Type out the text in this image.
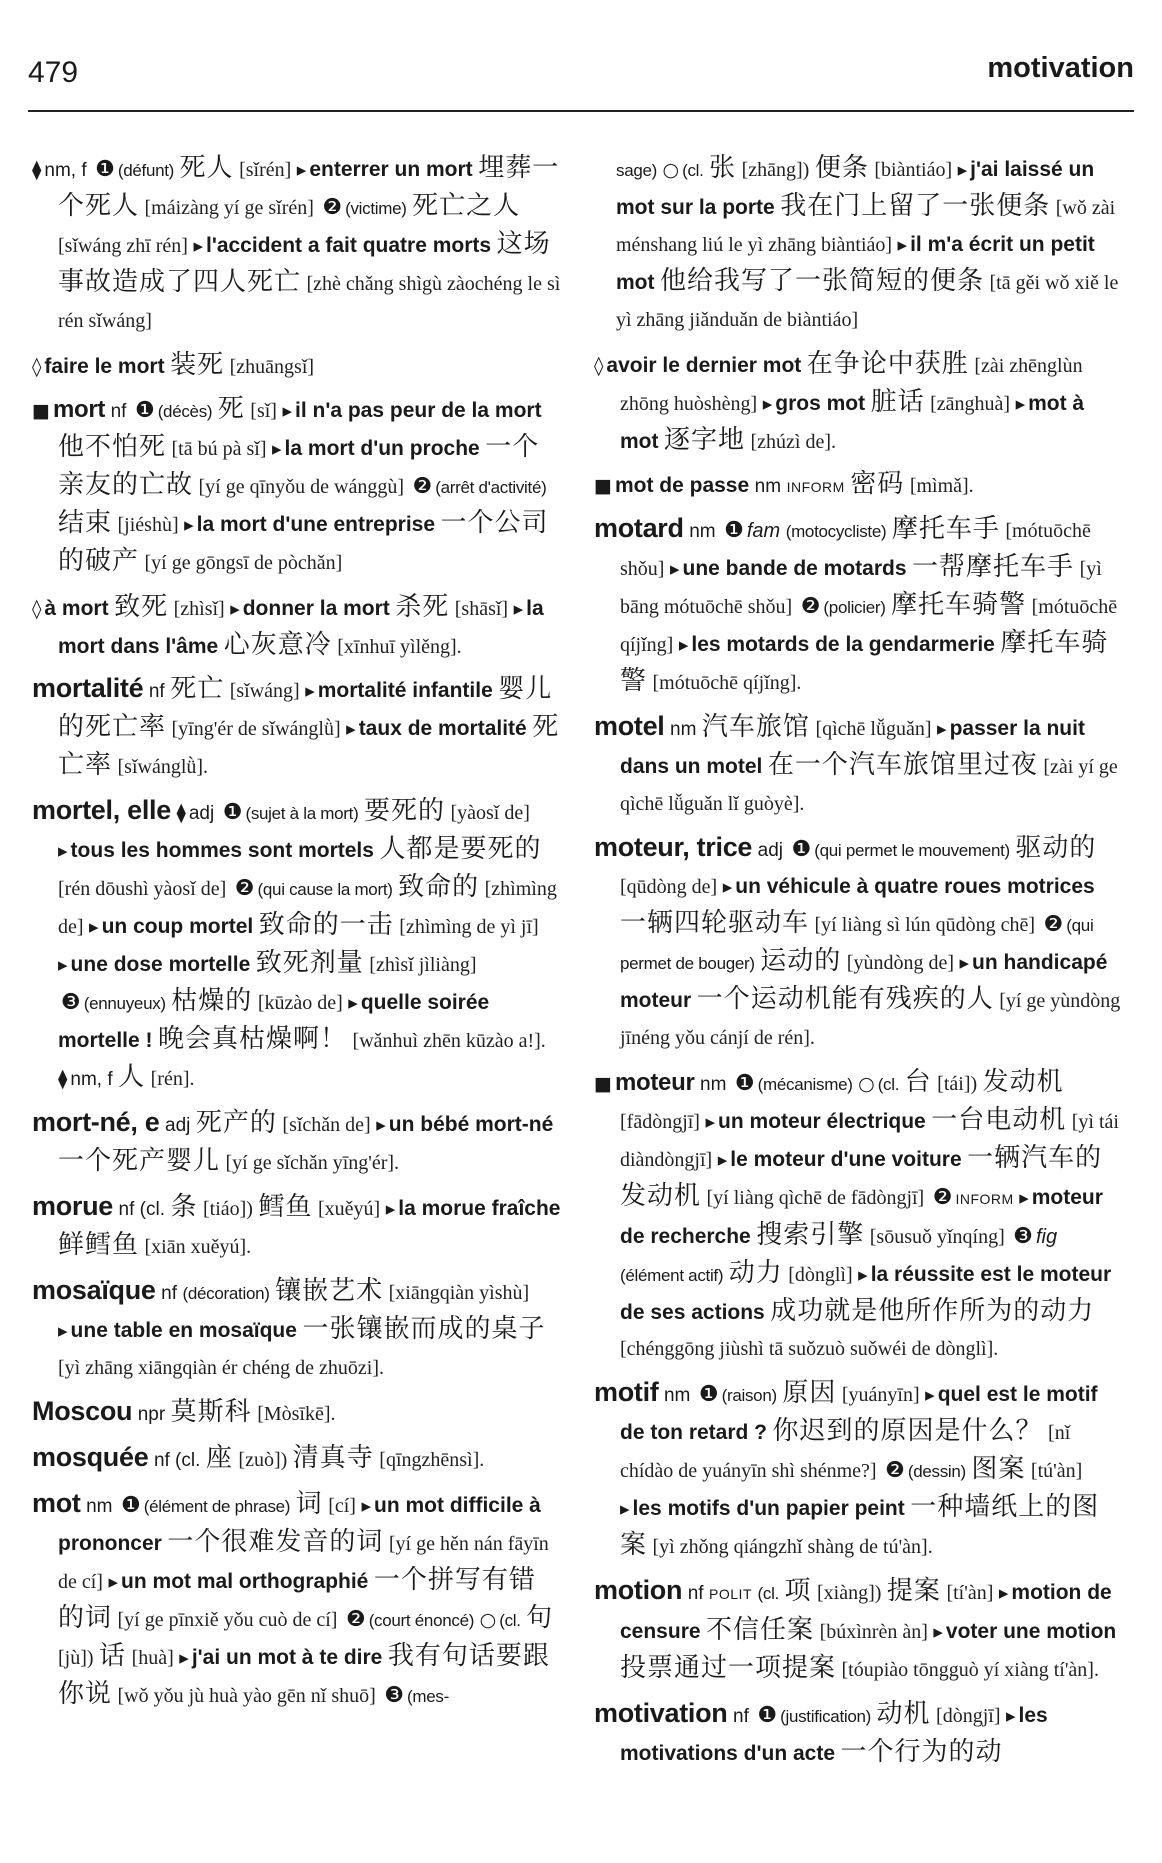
479	motivation

⧫ nm, f ❶ (défunt) 死人 [sǐrén] ▸ enterrer un mort 埋葬一个死人 [máizàng yí ge sǐrén] ❷ (victime) 死亡之人 [sǐwáng zhī rén] ▸ l'accident a fait quatre morts 这场事故造成了四人死亡 [zhè chǎng shìgù zàochéng le sì rén sǐwáng]

◊ faire le mort 装死 [zhuāngsǐ]

■ mort nf ❶ (décès) 死 [sǐ] ▸ il n'a pas peur de la mort 他不怕死 [tā bú pà sǐ] ▸ la mort d'un proche 一个亲友的亡故 [yí ge qīnyǒu de wánggù] ❷ (arrêt d'activité) 结束 [jiéshù] ▸ la mort d'une entreprise 一个公司的破产 [yí ge gōngsī de pòchǎn]

◊ à mort 致死 [zhìsǐ] ▸ donner la mort 杀死 [shāsǐ] ▸ la mort dans l'âme 心灰意冷 [xīnhuī yìlěng].

mortalité nf 死亡 [sǐwáng] ▸ mortalité infantile 婴儿的死亡率 [yīng'ér de sǐwánglǜ] ▸ taux de mortalité 死亡率 [sǐwánglǜ].

mortel, elle ⧫ adj ❶ (sujet à la mort) 要死的 [yàosǐ de] ▸ tous les hommes sont mortels 人都是要死的 [rén dōushì yàosǐ de] ❷ (qui cause la mort) 致命的 [zhìmìng de] ▸ un coup mortel 致命的一击 [zhìmìng de yì jī] ▸ une dose mortelle 致死剂量 [zhìsǐ jìliàng] ❸ (ennuyeux) 枯燥的 [kūzào de] ▸ quelle soirée mortelle ! 晚会真枯燥啊！ [wǎnhuì zhēn kūzào a!]. ⧫ nm, f 人 [rén].

mort-né, e adj 死产的 [sǐchǎn de] ▸ un bébé mort-né 一个死产婴儿 [yí ge sǐchǎn yīng'ér].

morue nf (cl. 条 [tiáo]) 鳕鱼 [xuěyú] ▸ la morue fraîche 鲜鳕鱼 [xiān xuěyú].

mosaïque nf (décoration) 镶嵌艺术 [xiāngqiàn yìshù] ▸ une table en mosaïque 一张镶嵌而成的桌子 [yì zhāng xiāngqiàn ér chéng de zhuōzi].

Moscou npr 莫斯科 [Mòsīkē].

mosquée nf (cl. 座 [zuò]) 清真寺 [qīngzhēnsì].

mot nm ❶ (élément de phrase) 词 [cí] ▸ un mot difficile à prononcer 一个很难发音的词 [yí ge hěn nán fāyīn de cí] ▸ un mot mal orthographié 一个拼写有错的词 [yí ge pīnxiě yǒu cuò de cí] ❷ (court énoncé) ○ (cl. 句 [jù]) 话 [huà] ▸ j'ai un mot à te dire 我有句话要跟你说 [wǒ yǒu jù huà yào gēn nǐ shuō] ❸ (mes-

sage) ○ (cl. 张 [zhāng]) 便条 [biàntiáo] ▸ j'ai laissé un mot sur la porte 我在门上留了一张便条 [wǒ zài ménshang liú le yì zhāng biàntiáo] ▸ il m'a écrit un petit mot 他给我写了一张简短的便条 [tā gěi wǒ xiě le yì zhāng jiǎnduǎn de biàntiáo]

◊ avoir le dernier mot 在争论中获胜 [zài zhēnglùn zhōng huòshèng] ▸ gros mot 脏话 [zānghuà] ▸ mot à mot 逐字地 [zhúzì de].

■ mot de passe nm INFORM 密码 [mìmǎ].

motard nm ❶ fam (motocycliste) 摩托车手 [mótuōchē shǒu] ▸ une bande de motards 一帮摩托车手 [yì bāng mótuōchē shǒu] ❷ (policier) 摩托车骑警 [mótuōchē qíjǐng] ▸ les motards de la gendarmerie 摩托车骑警 [mótuōchē qíjǐng].

motel nm 汽车旅馆 [qìchē lǚguǎn] ▸ passer la nuit dans un motel 在一个汽车旅馆里过夜 [zài yí ge qìchē lǚguǎn lǐ guòyè].

moteur, trice adj ❶ (qui permet le mouvement) 驱动的 [qūdòng de] ▸ un véhicule à quatre roues motrices 一辆四轮驱动车 [yí liàng sì lún qūdòng chē] ❷ (qui permet de bouger) 运动的 [yùndòng de] ▸ un handicapé moteur 一个运动机能有残疾的人 [yí ge yùndòng jīnéng yǒu cánjí de rén].

■ moteur nm ❶ (mécanisme) ○ (cl. 台 [tái]) 发动机 [fādòngjī] ▸ un moteur électrique 一台电动机 [yì tái diàndòngjī] ▸ le moteur d'une voiture 一辆汽车的发动机 [yí liàng qìchē de fādòngjī] ❷ INFORM ▸ moteur de recherche 搜索引擎 [sōusuǒ yǐnqíng] ❸ fig (élément actif) 动力 [dònglì] ▸ la réussite est le moteur de ses actions 成功就是他所作所为的动力 [chénggōng jiùshì tā suǒzuò suǒwéi de dònglì].

motif nm ❶ (raison) 原因 [yuányīn] ▸ quel est le motif de ton retard ? 你迟到的原因是什么？ [nǐ chídào de yuányīn shì shénme?] ❷ (dessin) 图案 [tú'àn] ▸ les motifs d'un papier peint 一种墙纸上的图案 [yì zhǒng qiángzhǐ shàng de tú'àn].

motion nf POLIT (cl. 项 [xiàng]) 提案 [tí'àn] ▸ motion de censure 不信任案 [búxìnrèn àn] ▸ voter une motion 投票通过一项提案 [tóupiào tōngguò yí xiàng tí'àn].

motivation nf ❶ (justification) 动机 [dòngjī] ▸ les motivations d'un acte 一个行为的动
